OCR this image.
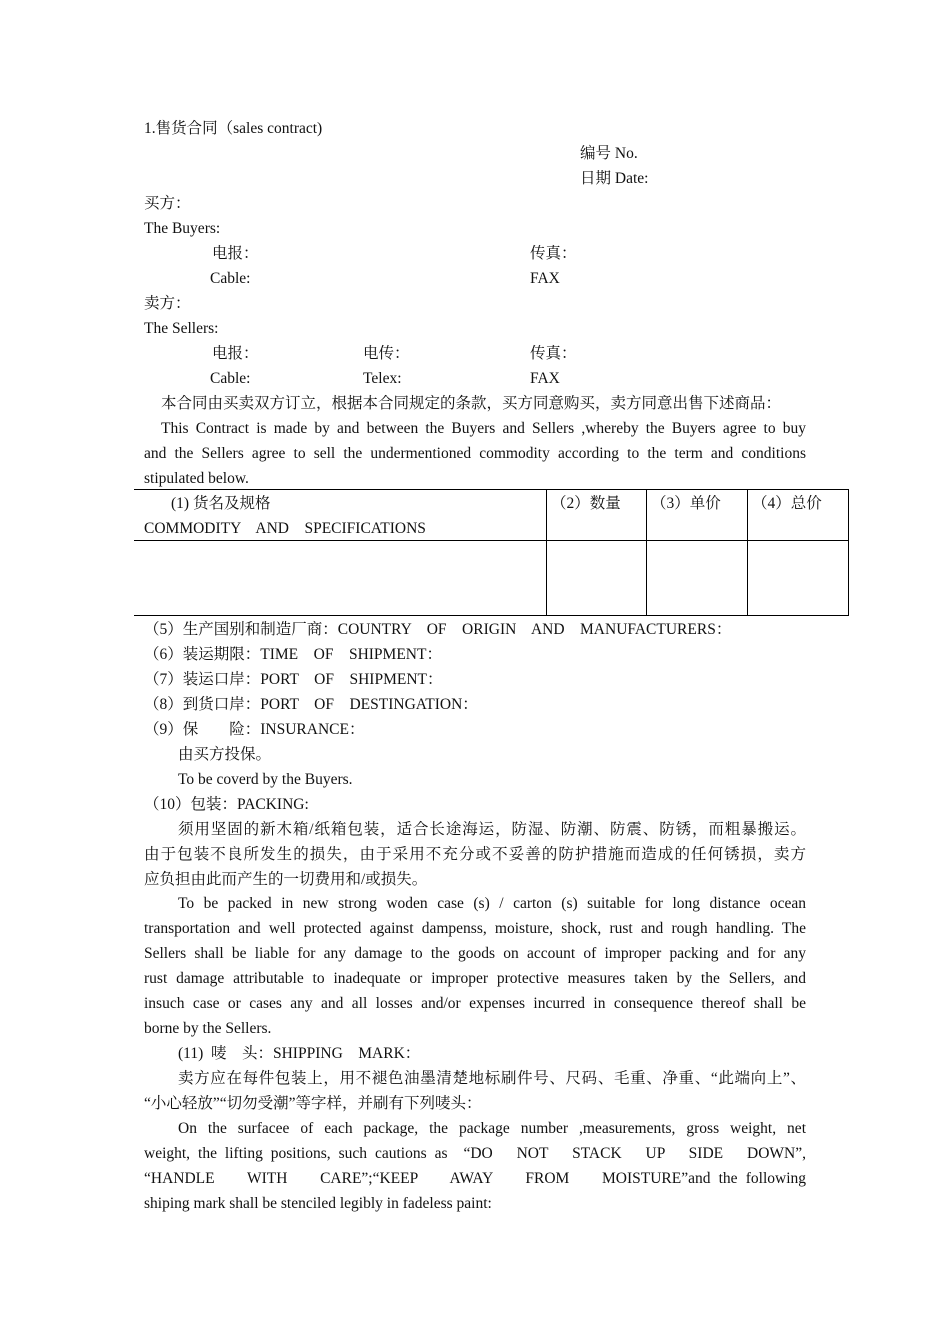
1.售货合同（sales contract)
编号 No.
日期 Date:
买方：
The Buyers:
电报：	传真：
Cable:	FAX
卖方：
The Sellers:
电报：	电传：	传真：
Cable:	Telex:	FAX
本合同由买卖双方订立，根据本合同规定的条款，买方同意购买，卖方同意出售下述商品：
This Contract is made by and between the Buyers and Sellers ,whereby the Buyers agree to buy
and the Sellers agree to sell the undermentioned commodity according to the term and conditions
stipulated below.
(1) 货名及规格
COMMODITY    AND    SPECIFICATIONS
（2）数量 （3）单价 （4）总价
（5）生产国别和制造厂商：COUNTRY    OF    ORIGIN    AND    MANUFACTURERS：
（6）装运期限：TIME    OF    SHIPMENT：
（7）装运口岸：PORT    OF    SHIPMENT：
（8）到货口岸：PORT    OF    DESTINGATION：
（9）保        险：INSURANCE：
由买方投保。
To be coverd by the Buyers.
（10）包装：PACKING:
须用坚固的新木箱/纸箱包装，适合长途海运，防湿、防潮、防震、防锈，而粗暴搬运。
由于包装不良所发生的损失，由于采用不充分或不妥善的防护措施而造成的任何锈损，卖方
应负担由此而产生的一切费用和/或损失。
To be packed in new strong woden case (s) / carton (s) suitable for long distance ocean
transportation and well protected against dampenss, moisture, shock, rust and rough handling. The
Sellers shall be liable for any damage to the goods on account of improper packing and for any
rust damage attributable to inadequate or improper protective measures taken by the Sellers, and
insuch case or cases any and all losses and/or expenses incurred in consequence thereof shall be
borne by the Sellers.
(11)  唛    头：SHIPPING    MARK：
卖方应在每件包装上，用不褪色油墨清楚地标刷件号、尺码、毛重、净重、“此端向上”、
“小心轻放”“切勿受潮”等字样，并刷有下列唛头：
On the surfacee of each package, the package number ,measurements, gross weight, net
weight, the lifting positions, such cautions as  “DO   NOT   STACK   UP   SIDE   DOWN”,
“HANDLE    WITH    CARE”;“KEEP    AWAY    FROM    MOISTURE”and the following
shiping mark shall be stenciled legibly in fadeless paint:
